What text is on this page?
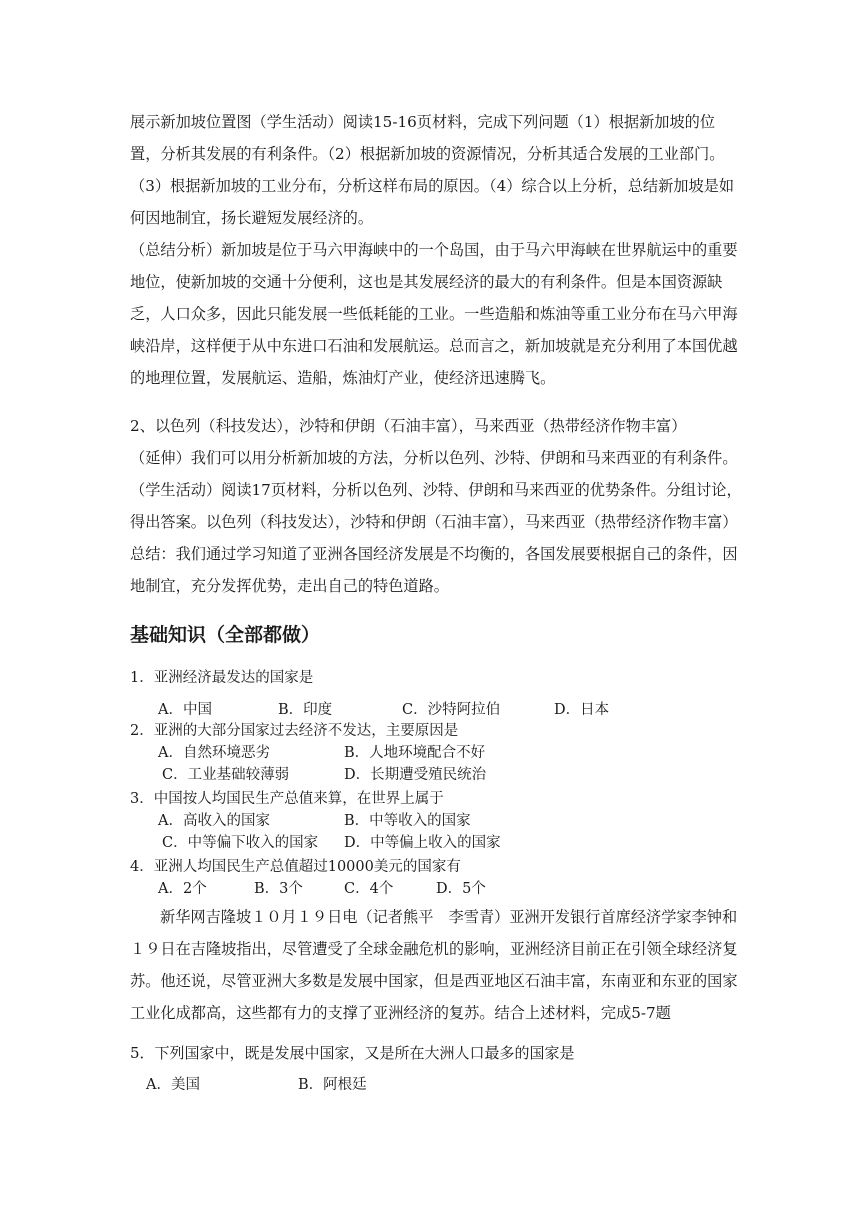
展示新加坡位置图（学生活动）阅读15-16页材料，完成下列问题（1）根据新加坡的位置，分析其发展的有利条件。（2）根据新加坡的资源情况，分析其适合发展的工业部门。（3）根据新加坡的工业分布，分析这样布局的原因。（4）综合以上分析，总结新加坡是如何因地制宜，扬长避短发展经济的。

（总结分析）新加坡是位于马六甲海峡中的一个岛国，由于马六甲海峡在世界航运中的重要地位，使新加坡的交通十分便利，这也是其发展经济的最大的有利条件。但是本国资源缺乏，人口众多，因此只能发展一些低耗能的工业。一些造船和炼油等重工业分布在马六甲海峡沿岸，这样便于从中东进口石油和发展航运。总而言之，新加坡就是充分利用了本国优越的地理位置，发展航运、造船，炼油灯产业，使经济迅速腾飞。

2、以色列（科技发达），沙特和伊朗（石油丰富），马来西亚（热带经济作物丰富）

（延伸）我们可以用分析新加坡的方法，分析以色列、沙特、伊朗和马来西亚的有利条件。（学生活动）阅读17页材料，分析以色列、沙特、伊朗和马来西亚的优势条件。分组讨论，得出答案。以色列（科技发达），沙特和伊朗（石油丰富），马来西亚（热带经济作物丰富）总结：我们通过学习知道了亚洲各国经济发展是不均衡的，各国发展要根据自己的条件，因地制宜，充分发挥优势，走出自己的特色道路。

基础知识（全部都做）
1．亚洲经济最发达的国家是
A．中国	B．印度	C．沙特阿拉伯	D．日本
2．亚洲的大部分国家过去经济不发达，主要原因是
A．自然环境恶劣	B．人地环境配合不好
C．工业基础较薄弱	D．长期遭受殖民统治
3．中国按人均国民生产总值来算，在世界上属于
A．高收入的国家	B．中等收入的国家
C．中等偏下收入的国家 D．中等偏上收入的国家
4．亚洲人均国民生产总值超过10000美元的国家有
A．2个	B．3个	C．4个	D．5个

新华网吉隆坡１０月１９日电（记者熊平　李雪青）亚洲开发银行首席经济学家李钟和１９日在吉隆坡指出，尽管遭受了全球金融危机的影响，亚洲经济目前正在引领全球经济复苏。他还说，尽管亚洲大多数是发展中国家，但是西亚地区石油丰富，东南亚和东亚的国家工业化成都高，这些都有力的支撑了亚洲经济的复苏。结合上述材料，完成5-7题

5．下列国家中，既是发展中国家，又是所在大洲人口最多的国家是
A．美国	B．阿根廷
